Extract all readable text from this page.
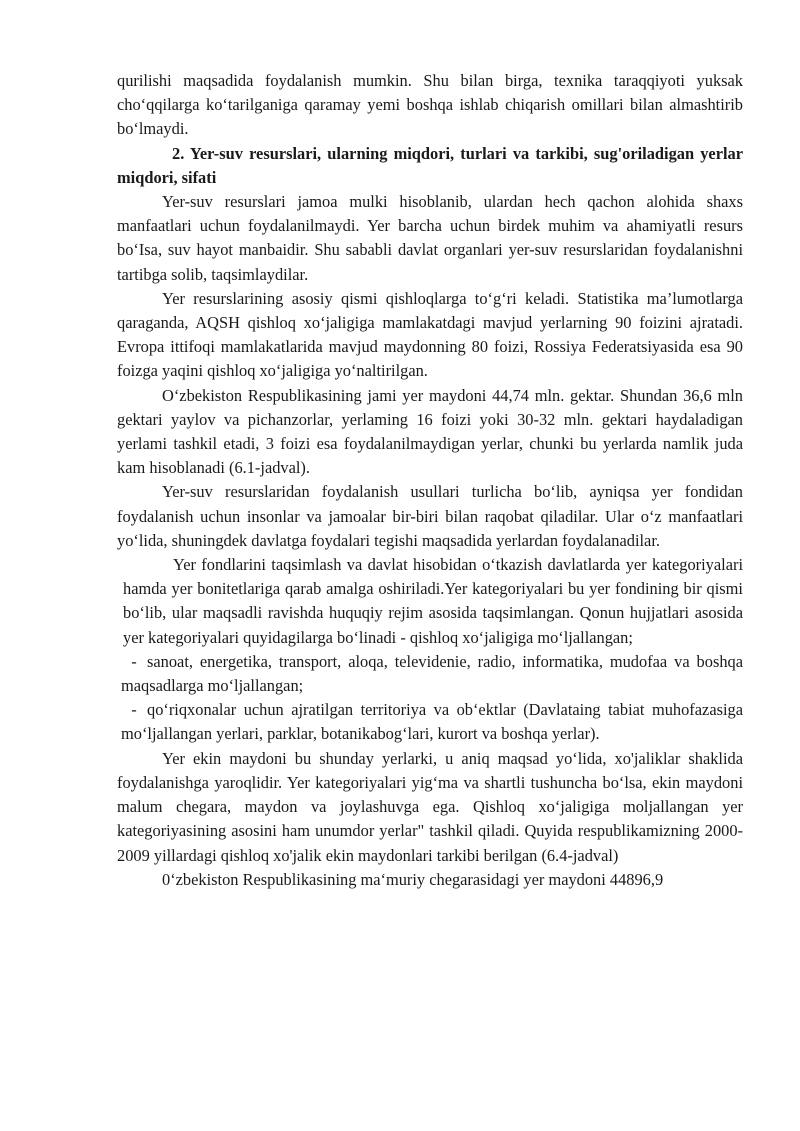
qurilishi maqsadida foydalanish mumkin. Shu bilan birga, texnika taraqqiyoti yuksak cho‘qqilarga ko‘tarilganiga qaramay yemi boshqa ishlab chiqarish omillari bilan almashtirib bo‘lmaydi.

2. Yer-suv resurslari, ularning miqdori, turlari va tarkibi, sug'oriladigan yerlar miqdori, sifati

Yer-suv resurslari jamoa mulki hisoblanib, ulardan hech qachon alohida shaxs manfaatlari uchun foydalanilmaydi. Yer barcha uchun birdek muhim va ahamiyatli resurs bo‘Isa, suv hayot manbaidir. Shu sababli davlat organlari yer-suv resurslaridan foydalanishni tartibga solib, taqsimlaydilar.

Yer resurslarining asosiy qismi qishloqlarga to‘g‘ri keladi. Statistika ma’lumotlarga qaraganda, AQSH qishloq xo‘jaligiga mamlakatdagi mavjud yerlarning 90 foizini ajratadi. Evropa ittifoqi mamlakatlarida mavjud maydonning 80 foizi, Rossiya Federatsiyasida esa 90 foizga yaqini qishloq xo‘jaligiga yo‘naltirilgan.

O‘zbekiston Respublikasining jami yer maydoni 44,74 mln. gektar. Shundan 36,6 mln gektari yaylov va pichanzorlar, yerlaming 16 foizi yoki 30-32 mln. gektari haydaladigan yerlami tashkil etadi, 3 foizi esa foydalanilmaydigan yerlar, chunki bu yerlarda namlik juda kam hisoblanadi (6.1-jadval).

Yer-suv resurslaridan foydalanish usullari turlicha bo‘lib, ayniqsa yer fondidan foydalanish uchun insonlar va jamoalar bir-biri bilan raqobat qiladilar. Ular o‘z manfaatlari yo‘lida, shuningdek davlatga foydalari tegishi maqsadida yerlardan foydalanadilar.

Yer fondlarini taqsimlash va davlat hisobidan o‘tkazish davlatlarda yer kategoriyalari hamda yer bonitetlariga qarab amalga oshiriladi.Yer kategoriyalari bu yer fondining bir qismi bo‘lib, ular maqsadli ravishda huquqiy rejim asosida taqsimlangan. Qonun hujjatlari asosida yer kategoriyalari quyidagilarga bo‘linadi - qishloq xo‘jaligiga mo‘ljallangan;

- sanoat, energetika, transport, aloqa, televidenie, radio, informatika, mudofaa va boshqa maqsadlarga mo‘ljallangan;

- qo‘riqxonalar uchun ajratilgan territoriya va ob‘ektlar (Davlataing tabiat muhofazasiga mo‘ljallangan yerlari, parklar, botanikabog‘lari, kurort va boshqa yerlar).

Yer ekin maydoni bu shunday yerlarki, u aniq maqsad yo‘lida, xo'jaliklar shaklida foydalanishga yaroqlidir. Yer kategoriyalari yig‘ma va shartli tushuncha bo‘lsa, ekin maydoni malum chegara, maydon va joylashuvga ega. Qishloq xo‘jaligiga moljallangan yer kategoriyasining asosini ham unumdor yerlar" tashkil qiladi. Quyida respublikamizning 2000-2009 yillardagi qishloq xo'jalik ekin maydonlari tarkibi berilgan (6.4-jadval)

0‘zbekiston Respublikasining ma‘muriy chegarasidagi yer maydoni 44896,9
